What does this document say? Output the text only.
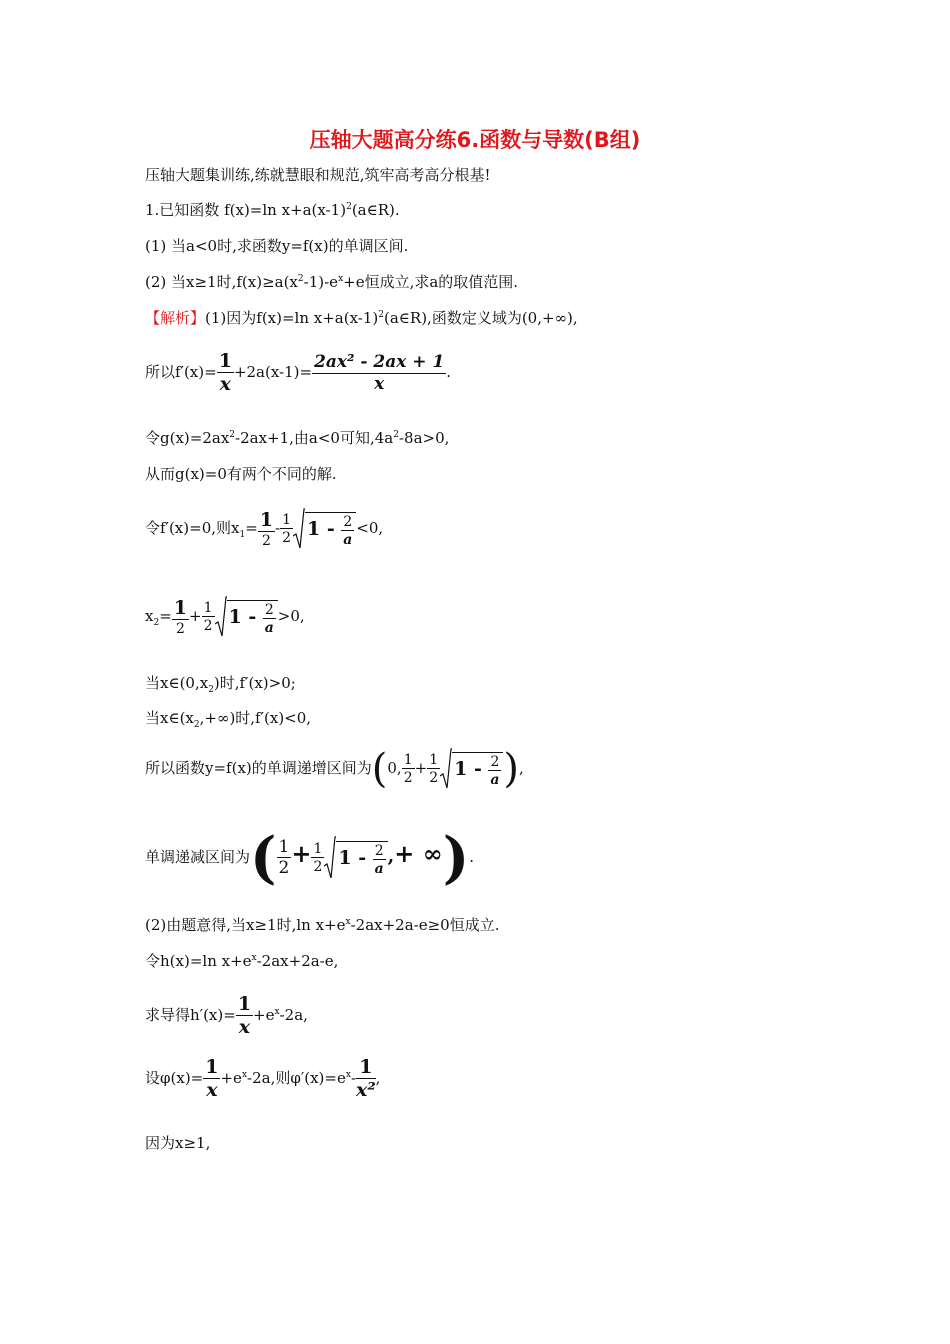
压轴大题高分练6.函数与导数(B组)
压轴大题集训练,练就慧眼和规范,筑牢高考高分根基!
1.已知函数 f(x)=ln $x+a(x-1)^2(a\in R)$.
(1) 当a<0时,求函数y=f(x)的单调区间.
(2) 当x≥1时$,f(x)\ge a(x^2-1)-e^x+e$恒成立,求a的取值范围.
【解析】(1)因为f(x)=ln $x+a(x-1)^2(a\in R)$,函数定义域为(0,+∞),
所以$f'(x)= \frac{1}{x} +2a(x-1)= \frac{\text{2ax² - 2ax + 1}}{x}$ .
令$g(x)=2ax^2-2ax+1$,由a<0可知$,4a^2-8a>0$,
从而g(x)=0有两个不同的解.
令f′(x)=0,则$x_1= \frac{1}{2} - \frac{1}{2} 1 - \frac{2}{a} <0$,
$x_2= \frac{1}{2} + \frac{1}{2} 1 - \frac{2}{a} >0$,
当$x\in(0,x_2)$时,f′(x)>0;
当$x\in(x_2,+\infty)$时,f′(x)<0,
所以函数y=f(x)的单调递增区间为(0, $\frac{1}{2} + \frac{1}{2} 1 - \frac{2}{a}$ ),
单调递减区间为( $\frac{1}{2} + \frac{1}{2} 1 - \frac{2}{a}$ ,+ ∞).
(2)由题意得,当x≥1时,ln $x+e^x-2ax+2a-e\ge 0$恒成立.
令h(x)=ln $x+e^x-2ax+2a-e$,
求导得$h'(x)= \frac{1}{x} +e^x-2a$,
设$\varphi(x)= \frac{1}{x} +e^x-2a$,则$\varphi'(x)=e^x- \frac{1}{\text{x²}}$ ,
因为x≥1,
